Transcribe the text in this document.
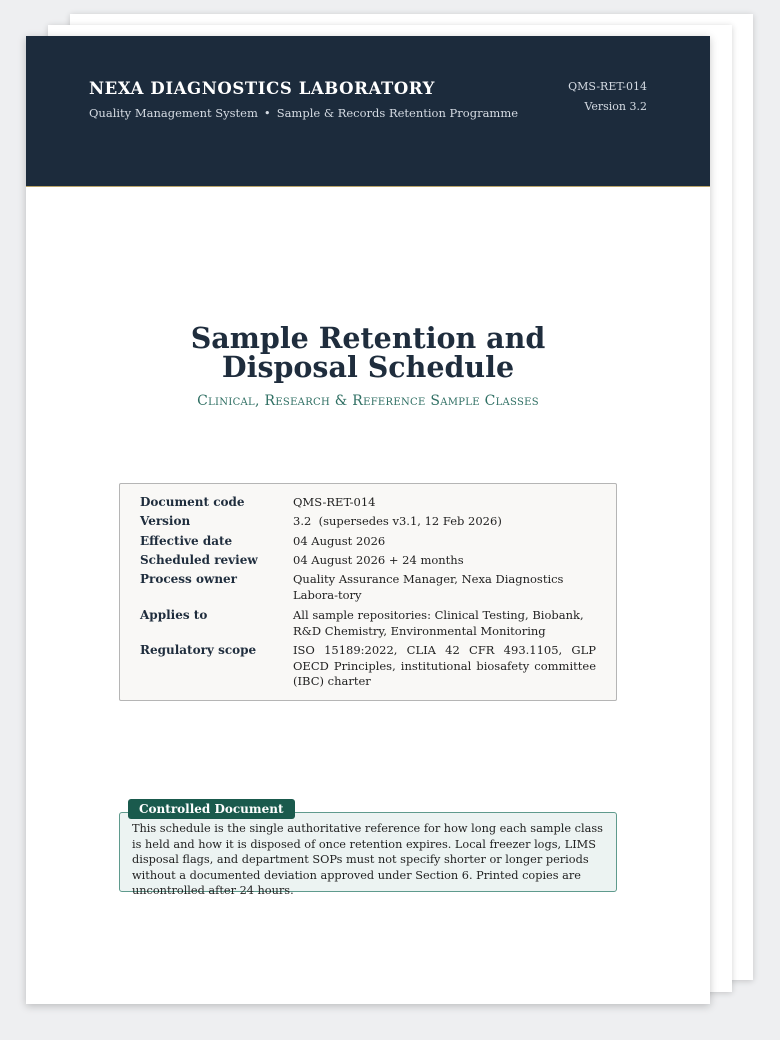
NEXA DIAGNOSTICS LABORATORY
Quality Management System • Sample & Records Retention Programme
QMS-RET-014
Version 3.2
Sample Retention and
Disposal Schedule
Clinical, Research & Reference Sample Classes
Document code	QMS-RET-014
Version	3.2  (supersedes v3.1, 12 Feb 2026)
Effective date	04 August 2026
Scheduled review	04 August 2026 + 24 months
Process owner	Quality Assurance Manager, Nexa Diagnostics Labora-tory
Applies to	All sample repositories: Clinical Testing, Biobank, R&D Chemistry, Environmental Monitoring
Regulatory scope	ISO 15189:2022, CLIA 42 CFR 493.1105, GLP OECD Principles, institutional biosafety committee (IBC) charter
This schedule is the single authoritative reference for how long each sample class is held and how it is disposed of once retention expires. Local freezer logs, LIMS disposal flags, and department SOPs must not specify shorter or longer periods without a documented deviation approved under Section 6. Printed copies are uncontrolled after 24 hours.
Controlled Document
